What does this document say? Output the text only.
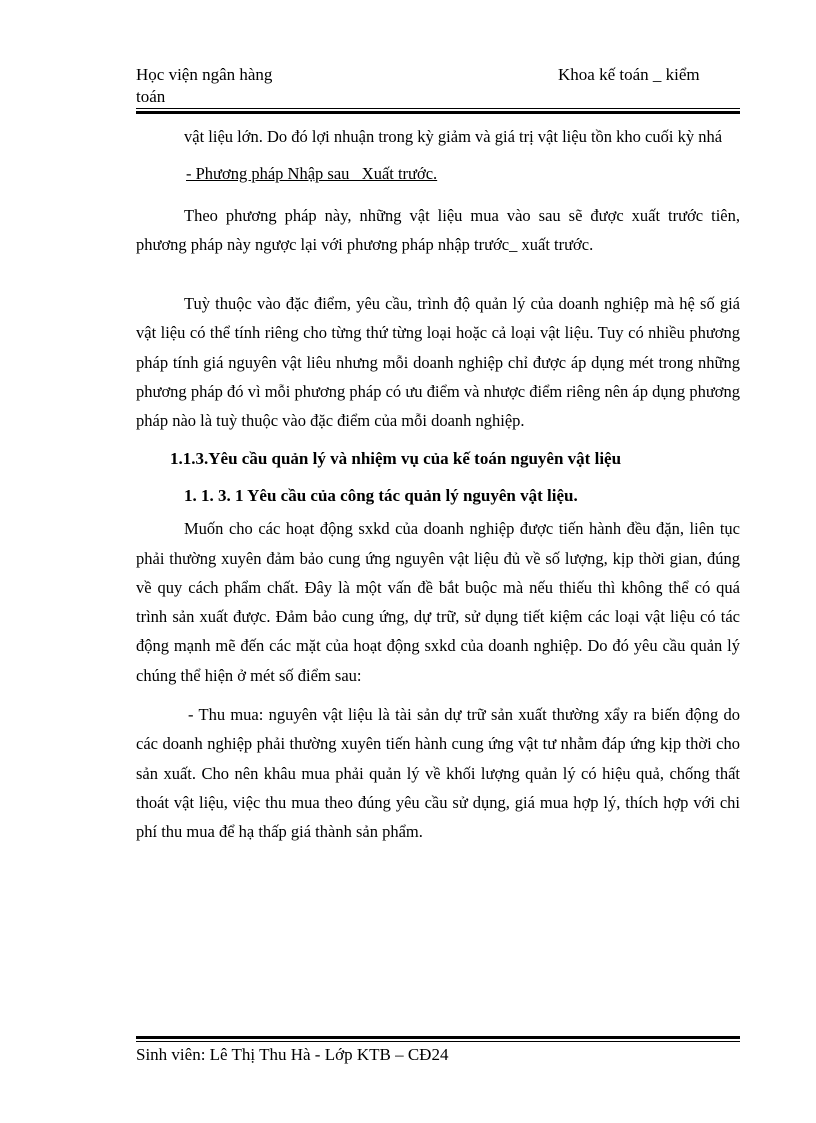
Học viện ngân hàng
toán
Khoa kế toán _ kiểm

vật liệu lớn. Do đó lợi nhuận trong kỳ giảm và giá trị vật liệu tồn kho cuối kỳ nhá

- Phương pháp Nhập sau_ Xuất trước.

Theo phương pháp này, những vật liệu mua vào sau sẽ được xuất trước tiên, phương pháp này ngược lại với phương pháp nhập trước_ xuất trước.

Tuỳ thuộc vào đặc điểm, yêu cầu, trình độ quản lý của doanh nghiệp mà hệ số giá vật liệu có thể tính riêng cho từng thứ từng loại hoặc cả loại vật liệu. Tuy có nhiều phương pháp tính giá nguyên vật liêu nhưng mỗi doanh nghiệp chỉ được áp dụng mét trong những phương pháp đó vì mỗi phương pháp có ưu điểm và nhược điểm riêng nên áp dụng phương pháp nào là tuỳ thuộc vào đặc điểm của mỗi doanh nghiệp.

1.1.3.Yêu cầu quản lý và nhiệm vụ của kế toán nguyên vật liệu

1. 1. 3. 1 Yêu cầu của công tác quản lý nguyên vật liệu.

Muốn cho các hoạt động sxkd của doanh nghiệp được tiến hành đều đặn, liên tục phải thường xuyên đảm bảo cung ứng nguyên vật liệu đủ về số lượng, kịp thời gian, đúng về quy cách phẩm chất. Đây là một vấn đề bắt buộc mà nếu thiếu thì không thể có quá trình sản xuất được. Đảm bảo cung ứng, dự trữ, sử dụng tiết kiệm các loại vật liệu có tác động mạnh mẽ đến các mặt của hoạt động sxkd của doanh nghiệp. Do đó yêu cầu quản lý chúng thể hiện ở mét số điểm sau:

- Thu mua: nguyên vật liệu là tài sản dự trữ sản xuất thường xẩy ra biến động do các doanh nghiệp phải thường xuyên tiến hành cung ứng vật tư nhằm đáp ứng kịp thời cho sản xuất. Cho nên khâu mua phải quản lý về khối lượng quản lý có hiệu quả, chống thất thoát vật liệu, việc thu mua theo đúng yêu cầu sử dụng, giá mua hợp lý, thích hợp với chi phí thu mua để hạ thấp giá thành sản phẩm.

Sinh viên: Lê Thị Thu Hà - Lớp KTB – CĐ24
